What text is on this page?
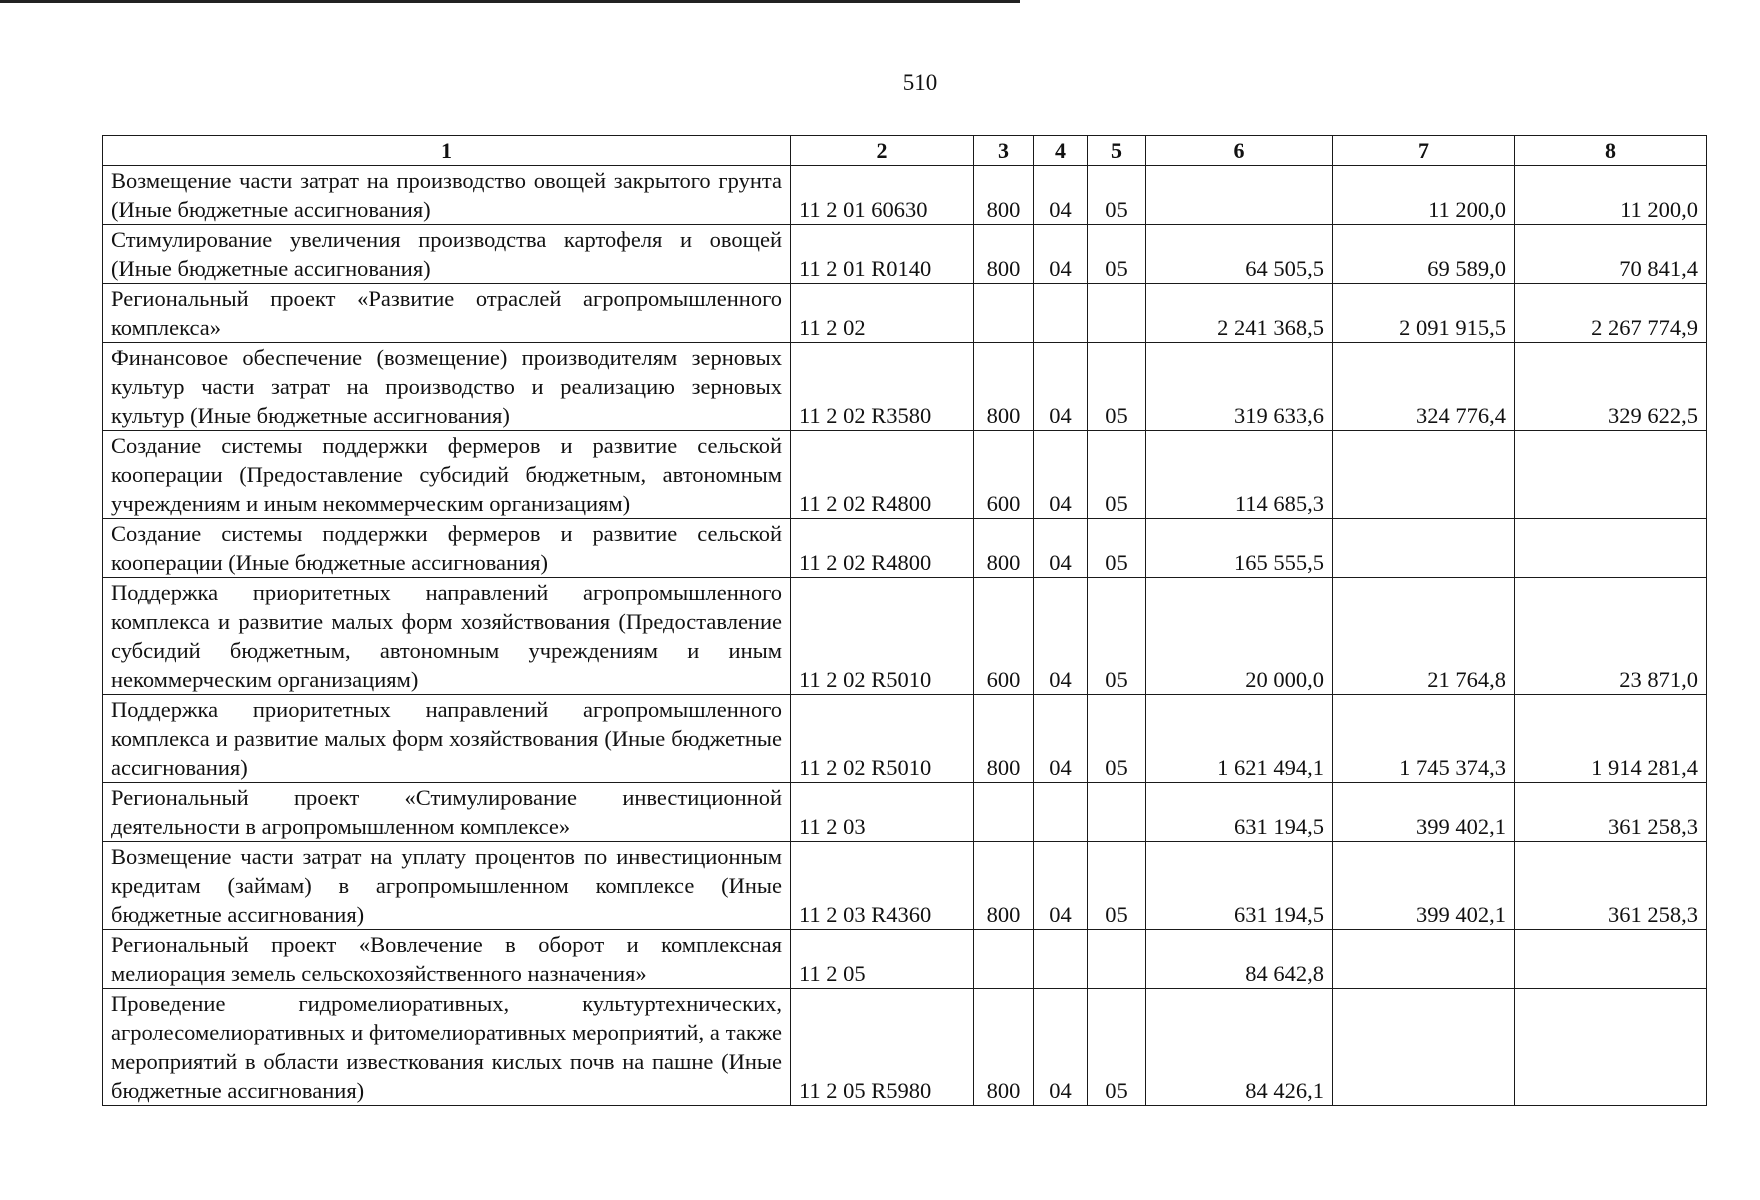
510
1	2	3	4	5	6	7	8
Возмещение части затрат на производство овощей закрытого грунта (Иные бюджетные ассигнования)	11 2 01 60630	800	04	05		11 200,0	11 200,0
Стимулирование увеличения производства картофеля и овощей (Иные бюджетные ассигнования)	11 2 01 R0140	800	04	05	64 505,5	69 589,0	70 841,4
Региональный проект «Развитие отраслей агропромышленного комплекса»	11 2 02				2 241 368,5	2 091 915,5	2 267 774,9
Финансовое обеспечение (возмещение) производителям зерновых культур части затрат на производство и реализацию зерновых культур (Иные бюджетные ассигнования)	11 2 02 R3580	800	04	05	319 633,6	324 776,4	329 622,5
Создание системы поддержки фермеров и развитие сельской кооперации (Предоставление субсидий бюджетным, автономным учреждениям и иным некоммерческим организациям)	11 2 02 R4800	600	04	05	114 685,3		
Создание системы поддержки фермеров и развитие сельской кооперации (Иные бюджетные ассигнования)	11 2 02 R4800	800	04	05	165 555,5		
Поддержка приоритетных направлений агропромышленного комплекса и развитие малых форм хозяйствования (Предоставление субсидий бюджетным, автономным учреждениям и иным некоммерческим организациям)	11 2 02 R5010	600	04	05	20 000,0	21 764,8	23 871,0
Поддержка приоритетных направлений агропромышленного комплекса и развитие малых форм хозяйствования (Иные бюджетные ассигнования)	11 2 02 R5010	800	04	05	1 621 494,1	1 745 374,3	1 914 281,4
Региональный проект «Стимулирование инвестиционной деятельности в агропромышленном комплексе»	11 2 03				631 194,5	399 402,1	361 258,3
Возмещение части затрат на уплату процентов по инвестиционным кредитам (займам) в агропромышленном комплексе (Иные бюджетные ассигнования)	11 2 03 R4360	800	04	05	631 194,5	399 402,1	361 258,3
Региональный проект «Вовлечение в оборот и комплексная мелиорация земель сельскохозяйственного назначения»	11 2 05				84 642,8		
Проведение гидромелиоративных, культуртехнических, агролесомелиоративных и фитомелиоративных мероприятий, а также мероприятий в области известкования кислых почв на пашне (Иные бюджетные ассигнования)	11 2 05 R5980	800	04	05	84 426,1		
